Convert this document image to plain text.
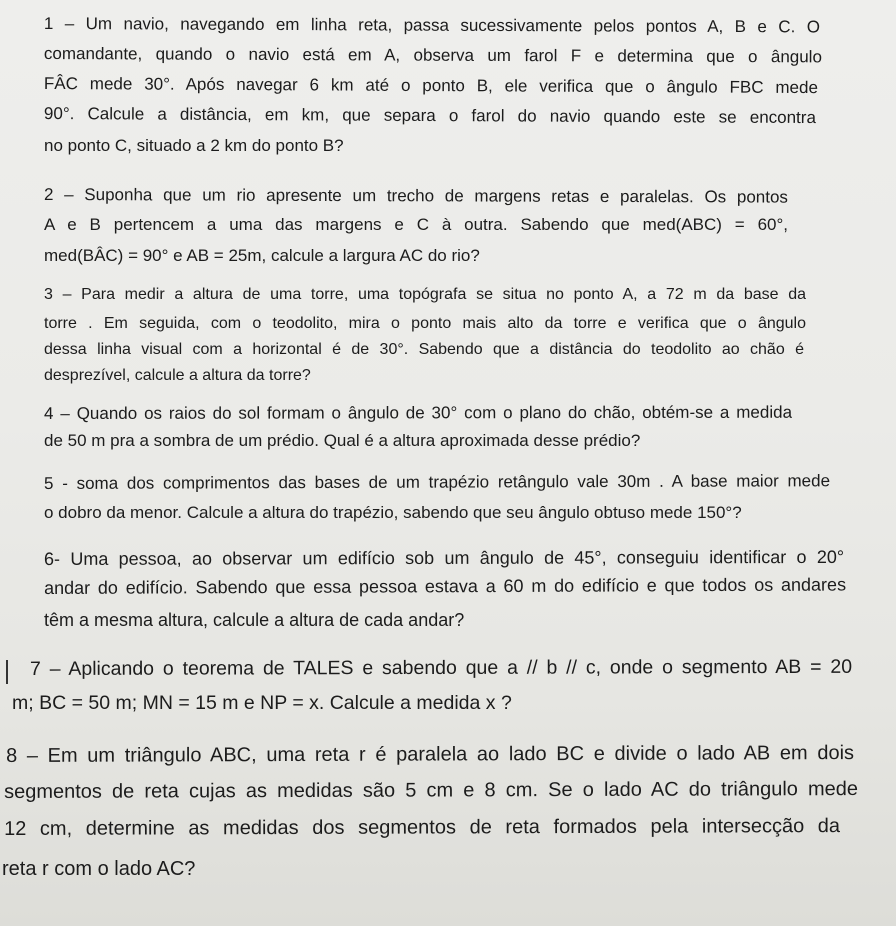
1 – Um navio, navegando em linha reta, passa sucessivamente pelos pontos A, B e C. O
comandante, quando o navio está em A, observa um farol F e determina que o ângulo
FÂC mede 30°. Após navegar 6 km até o ponto B, ele verifica que o ângulo FBC mede
90°. Calcule a distância, em km, que separa o farol do navio quando este se encontra
no ponto C, situado a 2 km do ponto B?
2 – Suponha que um rio apresente um trecho de margens retas e paralelas. Os pontos
A e B pertencem a uma das margens e C à outra. Sabendo que med(ABC) = 60°,
med(BÂC) = 90° e AB = 25m, calcule a largura AC do rio?
3 – Para medir a altura de uma torre, uma topógrafa se situa no ponto A, a 72 m da base da
torre . Em seguida, com o teodolito, mira o ponto mais alto da torre e verifica que o ângulo
dessa linha visual com a horizontal é de 30°. Sabendo que a distância do teodolito ao chão é
desprezível, calcule a altura da torre?
4 – Quando os raios do sol formam o ângulo de 30° com o plano do chão, obtém-se a medida
de 50 m pra a sombra de um prédio. Qual é a altura aproximada desse prédio?
5 - soma dos comprimentos das bases de um trapézio retângulo vale 30m . A base maior mede
o dobro da menor. Calcule a altura do trapézio, sabendo que seu ângulo obtuso mede 150°?
6- Uma pessoa, ao observar um edifício sob um ângulo de 45°, conseguiu identificar o 20°
andar do edifício. Sabendo que essa pessoa estava a 60 m do edifício e que todos os andares
têm a mesma altura, calcule a altura de cada andar?
7 – Aplicando o teorema de TALES e sabendo que a // b // c, onde o segmento AB = 20
m; BC = 50 m; MN = 15 m e NP = x. Calcule a medida x ?
8 – Em um triângulo ABC, uma reta r é paralela ao lado BC e divide o lado AB em dois
segmentos de reta cujas as medidas são 5 cm e 8 cm. Se o lado AC do triângulo mede
12 cm, determine as medidas dos segmentos de reta formados pela intersecção da
reta r com o lado AC?
